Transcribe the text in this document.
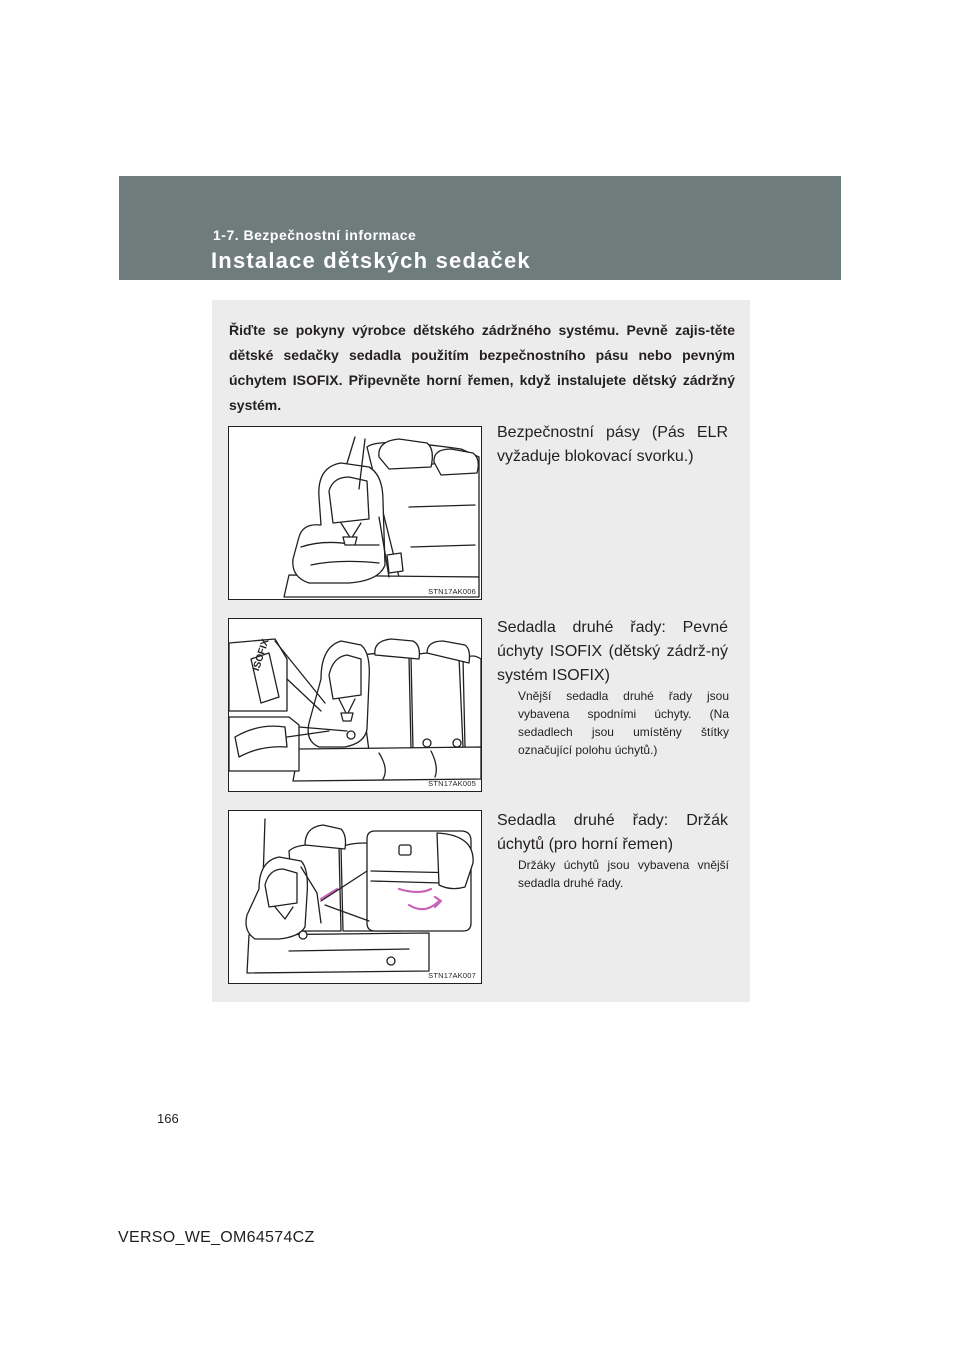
1-7. Bezpečnostní informace
Instalace dětských sedaček
Řiďte se pokyny výrobce dětského zádržného systému. Pevně zajis-těte dětské sedačky sedadla použitím bezpečnostního pásu nebo pevným úchytem ISOFIX. Připevněte horní řemen, když instalujete dětský zádržný systém.
STN17AK006
Bezpečnostní pásy (Pás ELR vyžaduje blokovací svorku.)
ISOFIX
STN17AK005
Sedadla druhé řady: Pevné úchyty ISOFIX (dětský zádrž-ný systém ISOFIX)
Vnější sedadla druhé řady jsou vybavena spodními úchyty. (Na sedadlech jsou umístěny štítky označující polohu úchytů.)
STN17AK007
Sedadla druhé řady: Držák úchytů (pro horní řemen)
Držáky úchytů jsou vybavena vnější sedadla druhé řady.
166
VERSO_WE_OM64574CZ
